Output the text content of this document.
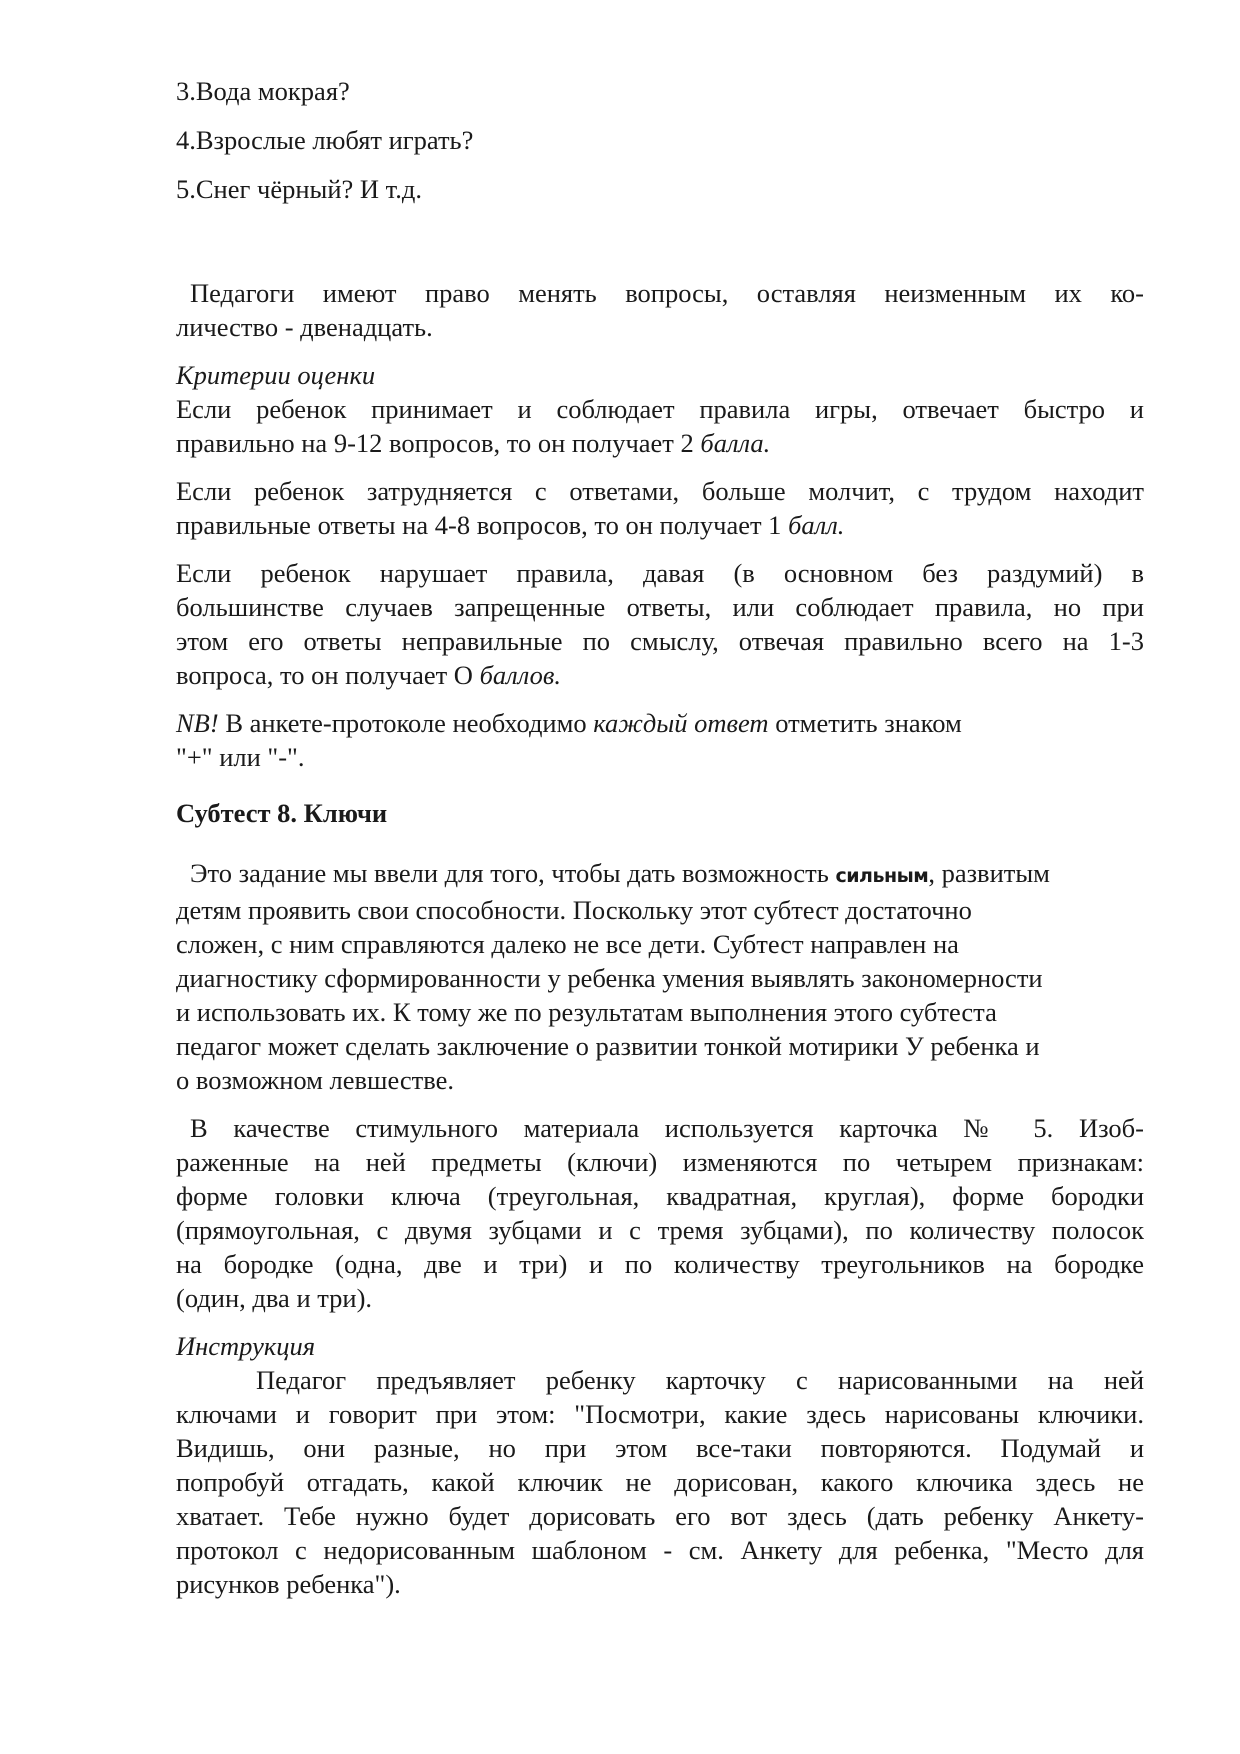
3.Вода мокрая?

4.Взрослые любят играть?

5.Снег чёрный? И т.д.

Педагоги имеют право менять вопросы, оставляя неизменным их ко-
личество - двенадцать.

Критерии оценки

Если ребенок принимает и соблюдает правила игры, отвечает быстро и
правильно на 9-12 вопросов, то он получает 2 балла.

Если ребенок затрудняется с ответами, больше молчит, с трудом находит
правильные ответы на 4-8 вопросов, то он получает 1 балл.

Если ребенок нарушает правила, давая (в основном без раздумий) в
большинстве случаев запрещенные ответы, или соблюдает правила, но при
этом его ответы неправильные по смыслу, отвечая правильно всего на 1-3
вопроса, то он получает О баллов.

NB! В анкете-протоколе необходимо каждый ответ отметить знаком
"+" или "-".

Субтест 8. Ключи

Это задание мы ввели для того, чтобы дать возможность сильным, развитым
детям проявить свои способности. Поскольку этот субтест достаточно
сложен, с ним справляются далеко не все дети. Субтест направлен на
диагностику сформированности у ребенка умения выявлять закономерности
и использовать их. К тому же по результатам выполнения этого субтеста
педагог может сделать заключение о развитии тонкой мотирики У ребенка и
о возможном левшестве.

В качестве стимульного материала используется карточка № 5. Изоб-
раженные на ней предметы (ключи) изменяются по четырем признакам:
форме головки ключа (треугольная, квадратная, круглая), форме бородки
(прямоугольная, с двумя зубцами и с тремя зубцами), по количеству полосок
на бородке (одна, две и три) и по количеству треугольников на бородке
(один, два и три).

Инструкция

Педагог предъявляет ребенку карточку с нарисованными на ней
ключами и говорит при этом: "Посмотри, какие здесь нарисованы ключики.
Видишь, они разные, но при этом все-таки повторяются. Подумай и
попробуй отгадать, какой ключик не дорисован, какого ключика здесь не
хватает. Тебе нужно будет дорисовать его вот здесь (дать ребенку Анкету-
протокол с недорисованным шаблоном - см. Анкету для ребенка, "Место для
рисунков ребенка").
